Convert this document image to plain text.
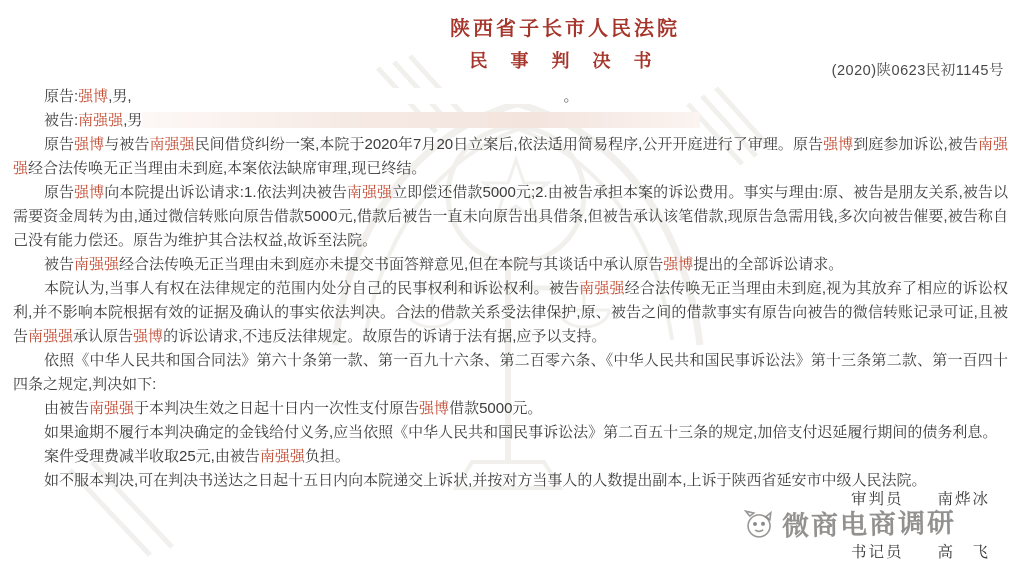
陕西省子长市人民法院
民 事 判 决 书	(2020)陕0623民初1145号

原告:强博,男,	。

被告:南强强,男

原告强博与被告南强强民间借贷纠纷一案,本院于2020年7月20日立案后,依法适用简易程序,公开开庭进行了审理。原告强博到庭参加诉讼,被告南强强经合法传唤无正当理由未到庭,本案依法缺席审理,现已终结。

原告强博向本院提出诉讼请求:1.依法判决被告南强强立即偿还借款5000元;2.由被告承担本案的诉讼费用。事实与理由:原、被告是朋友关系,被告以需要资金周转为由,通过微信转账向原告借款5000元,借款后被告一直未向原告出具借条,但被告承认该笔借款,现原告急需用钱,多次向被告催要,被告称自己没有能力偿还。原告为维护其合法权益,故诉至法院。

被告南强强经合法传唤无正当理由未到庭亦未提交书面答辩意见,但在本院与其谈话中承认原告强博提出的全部诉讼请求。

本院认为,当事人有权在法律规定的范围内处分自己的民事权利和诉讼权利。被告南强强经合法传唤无正当理由未到庭,视为其放弃了相应的诉讼权利,并不影响本院根据有效的证据及确认的事实依法判决。合法的借款关系受法律保护,原、被告之间的借款事实有原告向被告的微信转账记录可证,且被告南强强承认原告强博的诉讼请求,不违反法律规定。故原告的诉请于法有据,应予以支持。

依照《中华人民共和国合同法》第六十条第一款、第一百九十六条、第二百零六条、《中华人民共和国民事诉讼法》第十三条第二款、第一百四十四条之规定,判决如下:

由被告南强强于本判决生效之日起十日内一次性支付原告强博借款5000元。

如果逾期不履行本判决确定的金钱给付义务,应当依照《中华人民共和国民事诉讼法》第二百五十三条的规定,加倍支付迟延履行期间的债务利息。

案件受理费减半收取25元,由被告南强强负担。

如不服本判决,可在判决书送达之日起十五日内向本院递交上诉状,并按对方当事人的人数提出副本,上诉于陕西省延安市中级人民法院。

审判员 南烨冰
书记员 高　飞
微商电商调研
